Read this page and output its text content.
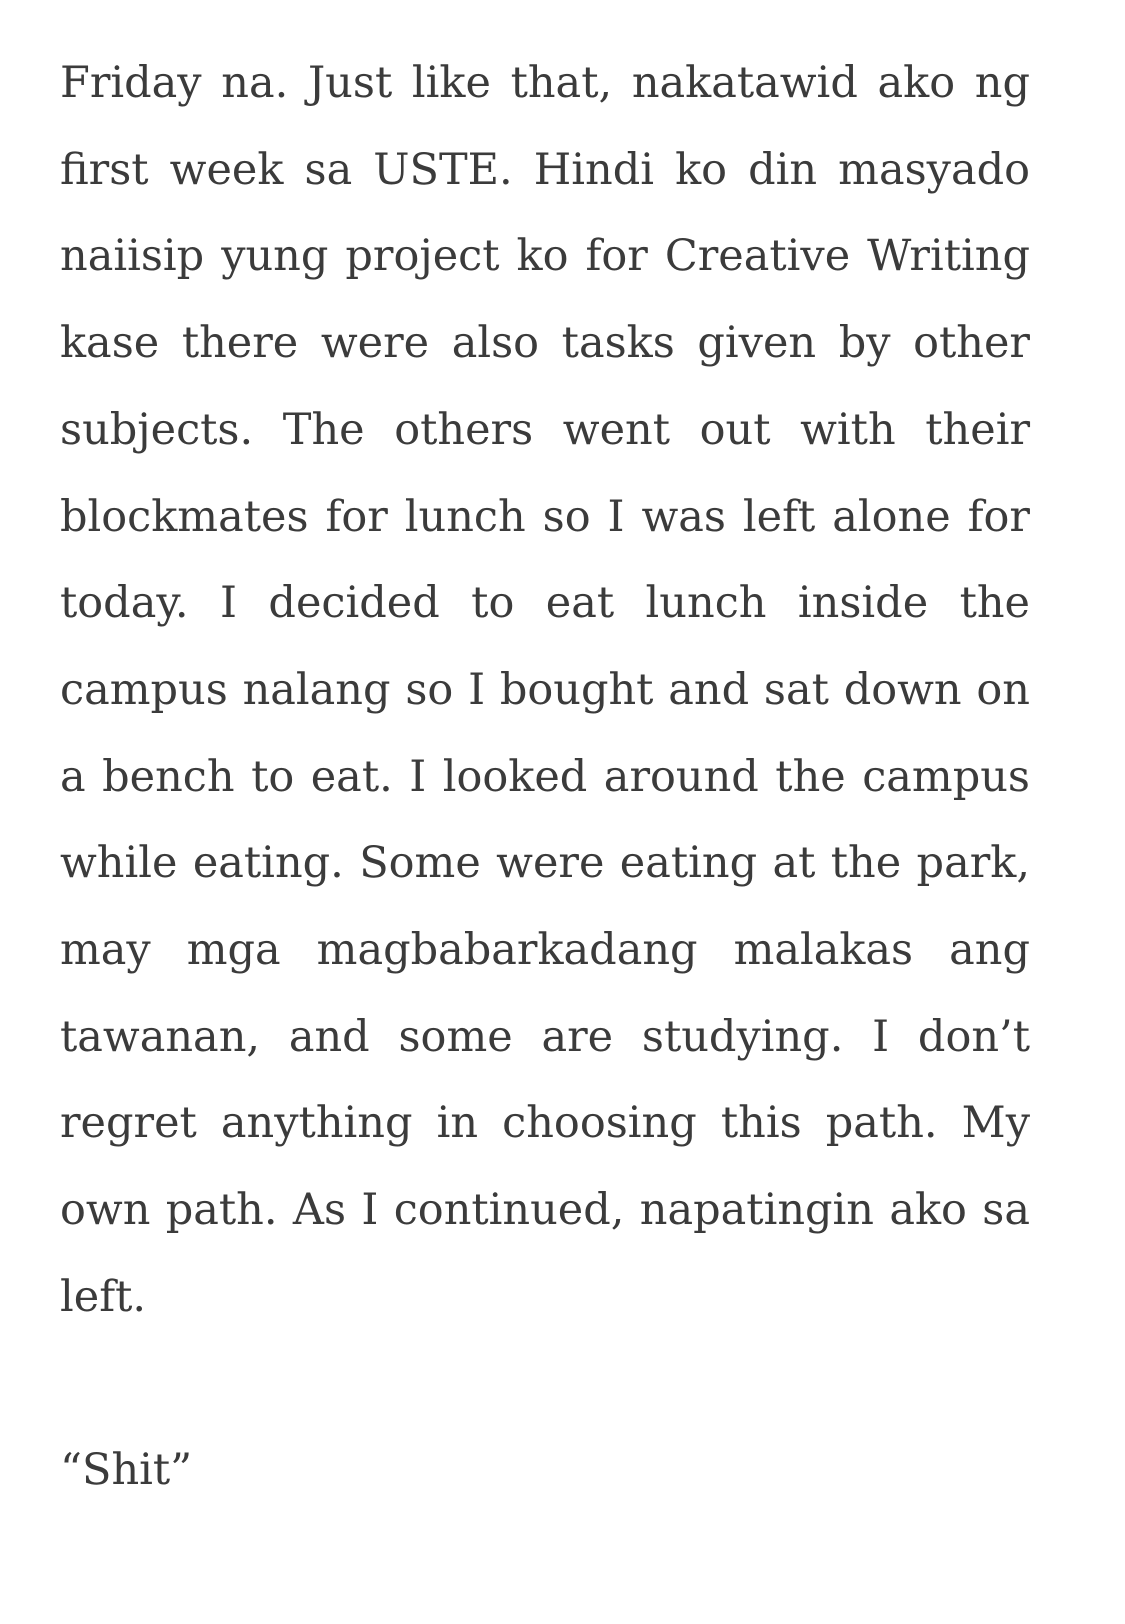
Friday na. Just like that, nakatawid ako ng first week sa USTE. Hindi ko din masyado naiisip yung project ko for Creative Writing kase there were also tasks given by other subjects. The others went out with their blockmates for lunch so I was left alone for today. I decided to eat lunch inside the campus nalang so I bought and sat down on a bench to eat. I looked around the campus while eating. Some were eating at the park, may mga magbabarkadang malakas ang tawanan, and some are studying. I don’t regret anything in choosing this path. My own path. As I continued, napatingin ako sa left.

“Shit”
